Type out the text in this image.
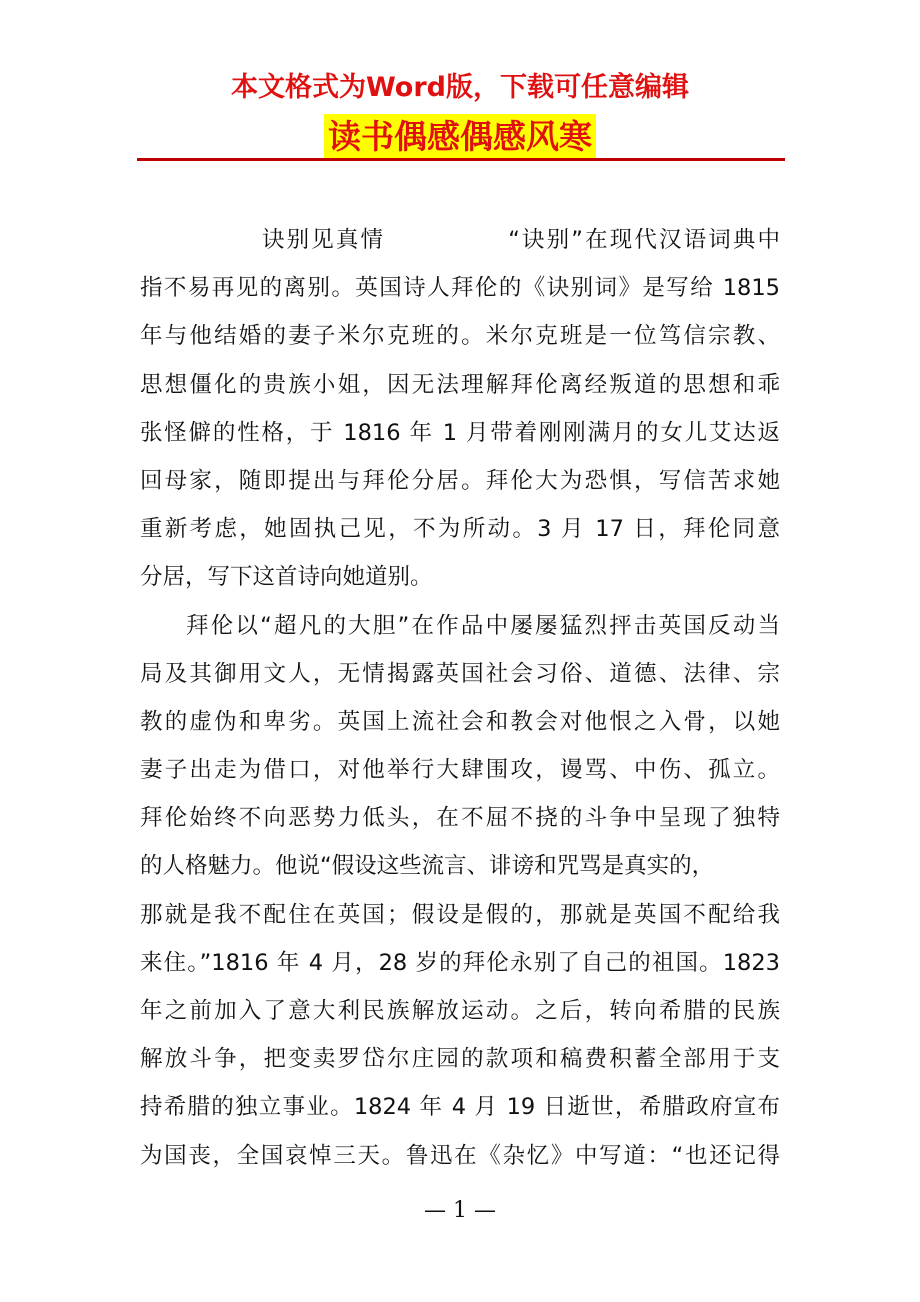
本文格式为Word版，下载可任意编辑
读书偶感偶感风寒
诀别见真情　　　　　“诀别”在现代汉语词典中
指不易再见的离别。英国诗人拜伦的《诀别词》是写给 1815
年与他结婚的妻子米尔克班的。米尔克班是一位笃信宗教、
思想僵化的贵族小姐，因无法理解拜伦离经叛道的思想和乖
张怪僻的性格，于 1816 年 1 月带着刚刚满月的女儿艾达返
回母家，随即提出与拜伦分居。拜伦大为恐惧，写信苦求她
重新考虑，她固执己见，不为所动。3 月 17 日，拜伦同意
分居，写下这首诗向她道别。
拜伦以“超凡的大胆”在作品中屡屡猛烈抨击英国反动当
局及其御用文人，无情揭露英国社会习俗、道德、法律、宗
教的虚伪和卑劣。英国上流社会和教会对他恨之入骨，以她
妻子出走为借口，对他举行大肆围攻，谩骂、中伤、孤立。
拜伦始终不向恶势力低头，在不屈不挠的斗争中呈现了独特
的人格魅力。他说“假设这些流言、诽谤和咒骂是真实的，
那就是我不配住在英国；假设是假的，那就是英国不配给我
来住。”1816 年 4 月，28 岁的拜伦永别了自己的祖国。1823
年之前加入了意大利民族解放运动。之后，转向希腊的民族
解放斗争，把变卖罗岱尔庄园的款项和稿费积蓄全部用于支
持希腊的独立事业。1824 年 4 月 19 日逝世，希腊政府宣布
为国丧，全国哀悼三天。鲁迅在《杂忆》中写道：“也还记得
— 1 —
